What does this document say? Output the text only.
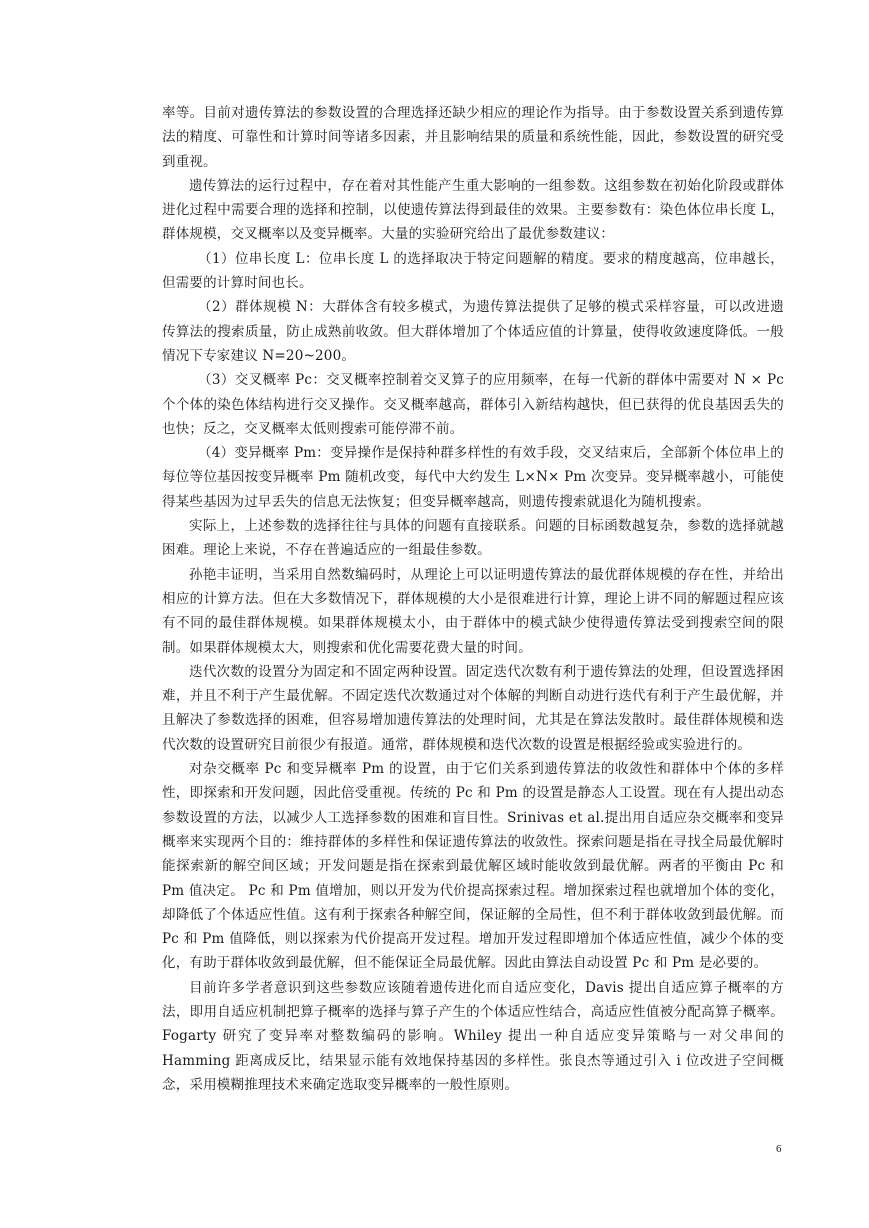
率等。目前对遗传算法的参数设置的合理选择还缺少相应的理论作为指导。由于参数设置关系到遗传算法的精度、可靠性和计算时间等诸多因素，并且影响结果的质量和系统性能，因此，参数设置的研究受到重视。

遗传算法的运行过程中，存在着对其性能产生重大影响的一组参数。这组参数在初始化阶段或群体进化过程中需要合理的选择和控制，以使遗传算法得到最佳的效果。主要参数有：染色体位串长度 L，群体规模，交叉概率以及变异概率。大量的实验研究给出了最优参数建议：

（1）位串长度 L：位串长度 L 的选择取决于特定问题解的精度。要求的精度越高，位串越长，但需要的计算时间也长。

（2）群体规模 N：大群体含有较多模式，为遗传算法提供了足够的模式采样容量，可以改进遗传算法的搜索质量，防止成熟前收敛。但大群体增加了个体适应值的计算量，使得收敛速度降低。一般情况下专家建议 N=20~200。

（3）交叉概率 Pc：交叉概率控制着交叉算子的应用频率，在每一代新的群体中需要对 N × Pc 个个体的染色体结构进行交叉操作。交叉概率越高，群体引入新结构越快，但已获得的优良基因丢失的也快；反之，交叉概率太低则搜索可能停滞不前。

（4）变异概率 Pm：变异操作是保持种群多样性的有效手段，交叉结束后，全部新个体位串上的每位等位基因按变异概率 Pm 随机改变，每代中大约发生 L×N× Pm 次变异。变异概率越小，可能使得某些基因为过早丢失的信息无法恢复；但变异概率越高，则遗传搜索就退化为随机搜索。

实际上，上述参数的选择往往与具体的问题有直接联系。问题的目标函数越复杂，参数的选择就越困难。理论上来说，不存在普遍适应的一组最佳参数。

孙艳丰证明，当采用自然数编码时，从理论上可以证明遗传算法的最优群体规模的存在性，并给出相应的计算方法。但在大多数情况下，群体规模的大小是很难进行计算，理论上讲不同的解题过程应该有不同的最佳群体规模。如果群体规模太小，由于群体中的模式缺少使得遗传算法受到搜索空间的限制。如果群体规模太大，则搜索和优化需要花费大量的时间。

迭代次数的设置分为固定和不固定两种设置。固定迭代次数有利于遗传算法的处理，但设置选择困难，并且不利于产生最优解。不固定迭代次数通过对个体解的判断自动进行迭代有利于产生最优解，并且解决了参数选择的困难，但容易增加遗传算法的处理时间，尤其是在算法发散时。最佳群体规模和迭代次数的设置研究目前很少有报道。通常，群体规模和迭代次数的设置是根据经验或实验进行的。

对杂交概率 Pc 和变异概率 Pm 的设置，由于它们关系到遗传算法的收敛性和群体中个体的多样性，即探索和开发问题，因此倍受重视。传统的 Pc 和 Pm 的设置是静态人工设置。现在有人提出动态参数设置的方法，以减少人工选择参数的困难和盲目性。Srinivas et al.提出用自适应杂交概率和变异概率来实现两个目的：维持群体的多样性和保证遗传算法的收敛性。探索问题是指在寻找全局最优解时能探索新的解空间区域；开发问题是指在探索到最优解区域时能收敛到最优解。两者的平衡由 Pc 和 Pm 值决定。 Pc 和 Pm 值增加，则以开发为代价提高探索过程。增加探索过程也就增加个体的变化，却降低了个体适应性值。这有利于探索各种解空间，保证解的全局性，但不利于群体收敛到最优解。而 Pc 和 Pm 值降低，则以探索为代价提高开发过程。增加开发过程即增加个体适应性值，减少个体的变化，有助于群体收敛到最优解，但不能保证全局最优解。因此由算法自动设置 Pc 和 Pm 是必要的。

目前许多学者意识到这些参数应该随着遗传进化而自适应变化，Davis 提出自适应算子概率的方法，即用自适应机制把算子概率的选择与算子产生的个体适应性结合，高适应性值被分配高算子概率。Fogarty 研究了变异率对整数编码的影响。Whiley 提出一种自适应变异策略与一对父串间的 Hamming 距离成反比，结果显示能有效地保持基因的多样性。张良杰等通过引入 i 位改进子空间概念，采用模糊推理技术来确定选取变异概率的一般性原则。

6
